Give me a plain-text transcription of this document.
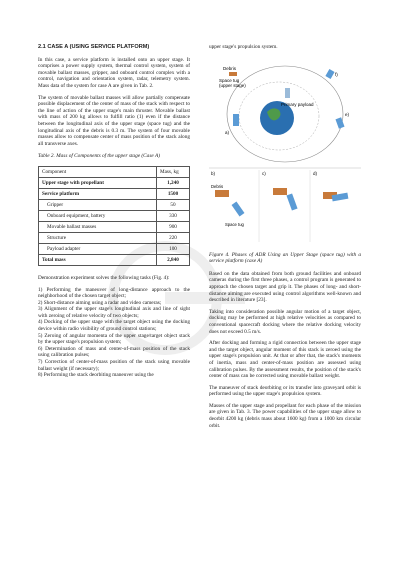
2.1 CASE A (USING SERVICE PLATFORM)

In this case, a service platform is installed onto an upper stage. It comprises a power supply system, thermal control system, system of movable ballast masses, gripper, and onboard control complex with a control, navigation and orientation system, radar, telemetry system. Mass data of the system for case A are given in Tab. 2.

The system of movable ballast masses will allow partially compensate possible displacement of the center of mass of the stack with respect to the line of action of the upper stage's main thruster. Movable ballast with mass of 200 kg allows to fulfill ratio (1) even if the distance between the longitudinal axis of the upper stage (space tug) and the longitudinal axis of the debris is 0.3 m. The system of four movable masses allow to compensate center of mass position of the stack along all transverse axes.

Table 2. Mass of Components of the upper stage (Case A)

Component	Mass, kg
Upper stage with propellant	1,240
Service platform	1500
Gripper	50
Onboard equipment, battery	330
Movable ballast masses	900
Structure	220
Payload adapter	100
Total mass	2,840

Demonstration experiment solves the following tasks (Fig. 4):

1) Performing the maneuver of long-distance approach to the neighborhood of the chosen target object;
2) Short-distance aiming using a radar and video cameras;
3) Alignment of the upper stage's longitudinal axis and line of sight with zeroing of relative velocity of two objects;
4) Docking of the upper stage with the target object using the docking device within radio visibility of ground control stations;
5) Zeroing of angular momenta of the upper stage/target object stack by the upper stage's propulsion system;
6) Determination of mass and center-of-mass position of the stack using calibration pulses;
7) Correction of center-of-mass position of the stack using movable ballast weight (if necessary);
8) Performing the stack deorbiting maneuver using the

upper stage's propulsion system.

Debris
Space tug
(upper stage)
Primary payload
a)
f)
e)
b)	c)	d)
Debris
Space tug

Figure 4. Phases of ADR Using an Upper Stage (space tug) with a service platform (case A)

Based on the data obtained from both ground facilities and onboard cameras during the first three phases, a control program is generated to approach the chosen target and grip it. The phases of long- and short-distance aiming are executed using control algorithms well-known and described in literature [23].

Taking into consideration possible angular motion of a target object, docking may be performed at high relative velocities as compared to conventional spacecraft docking where the relative docking velocity does not exceed 0.5 m/s.

After docking and forming a rigid connection between the upper stage and the target object, angular moment of this stack is zeroed using the upper stage's propulsion unit. At that or after that, the stack's moments of inertia, mass and center-of-mass position are assessed using calibration pulses. By the assessment results, the position of the stack's center of mass can be corrected using movable ballast weight.

The maneuver of stack deorbiting or its transfer into graveyard orbit is performed using the upper stage's propulsion system.

Masses of the upper stage and propellant for each phase of the mission are given in Tab. 3. The power capabilities of the upper stage allow to deorbit 4200 kg (debris mass about 1600 kg) from a 1000 km circular orbit.
